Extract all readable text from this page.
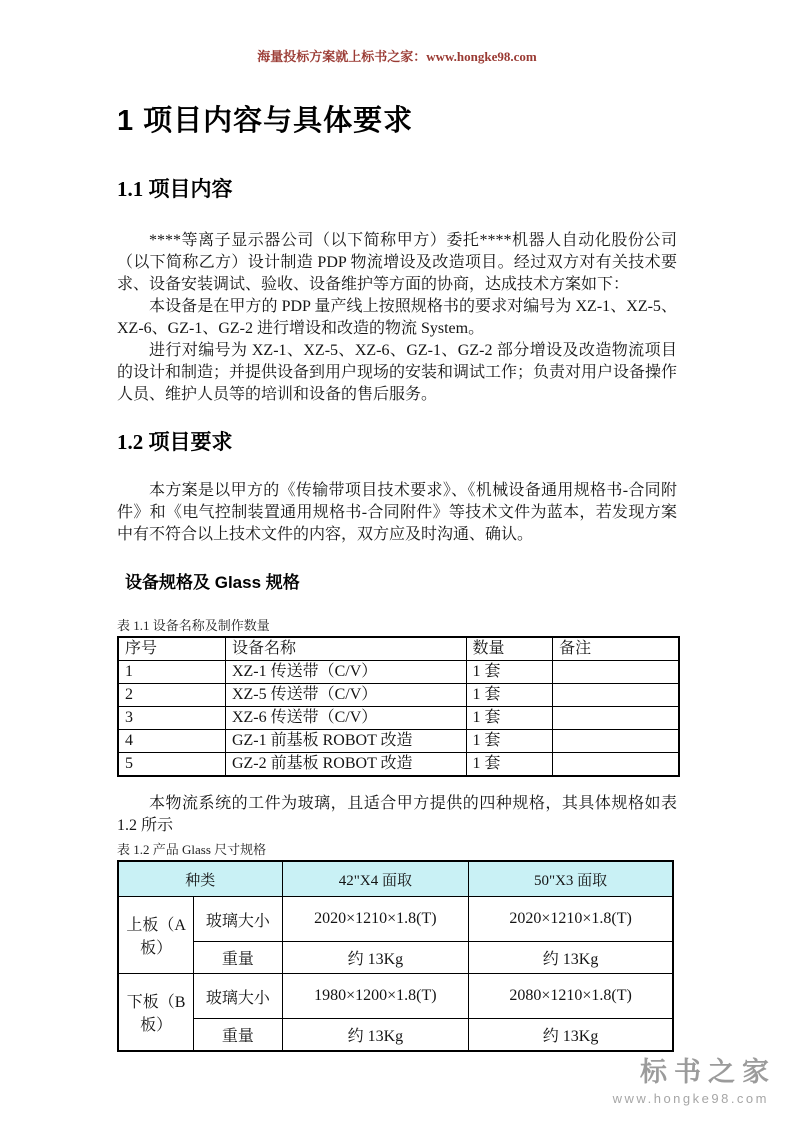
海量投标方案就上标书之家：www.hongke98.com
1 项目内容与具体要求
1.1 项目内容

****等离子显示器公司（以下简称甲方）委托****机器人自动化股份公司（以下简称乙方）设计制造 PDP 物流增设及改造项目。经过双方对有关技术要求、设备安装调试、验收、设备维护等方面的协商，达成技术方案如下：

本设备是在甲方的 PDP 量产线上按照规格书的要求对编号为 XZ-1、XZ-5、XZ-6、GZ-1、GZ-2 进行增设和改造的物流 System。

进行对编号为 XZ-1、XZ-5、XZ-6、GZ-1、GZ-2 部分增设及改造物流项目的设计和制造；并提供设备到用户现场的安装和调试工作；负责对用户设备操作人员、维护人员等的培训和设备的售后服务。

1.2 项目要求

本方案是以甲方的《传输带项目技术要求》、《机械设备通用规格书-合同附件》和《电气控制装置通用规格书-合同附件》等技术文件为蓝本，若发现方案中有不符合以上技术文件的内容，双方应及时沟通、确认。

设备规格及 Glass 规格
表 1.1 设备名称及制作数量
序号	设备名称	数量	备注
1	XZ-1 传送带（C/V）	1 套	
2	XZ-5 传送带（C/V）	1 套	
3	XZ-6 传送带（C/V）	1 套	
4	GZ-1 前基板 ROBOT 改造	1 套	
5	GZ-2 前基板 ROBOT 改造	1 套	

本物流系统的工件为玻璃，且适合甲方提供的四种规格，其具体规格如表 1.2 所示

表 1.2 产品 Glass 尺寸规格
种类		42"X4 面取	50"X3 面取
上板（A板）	玻璃大小	2020×1210×1.8(T)	2020×1210×1.8(T)
	重量	约 13Kg	约 13Kg
下板（B板）	玻璃大小	1980×1200×1.8(T)	2080×1210×1.8(T)
	重量	约 13Kg	约 13Kg
标书之家
www.hongke98.com
